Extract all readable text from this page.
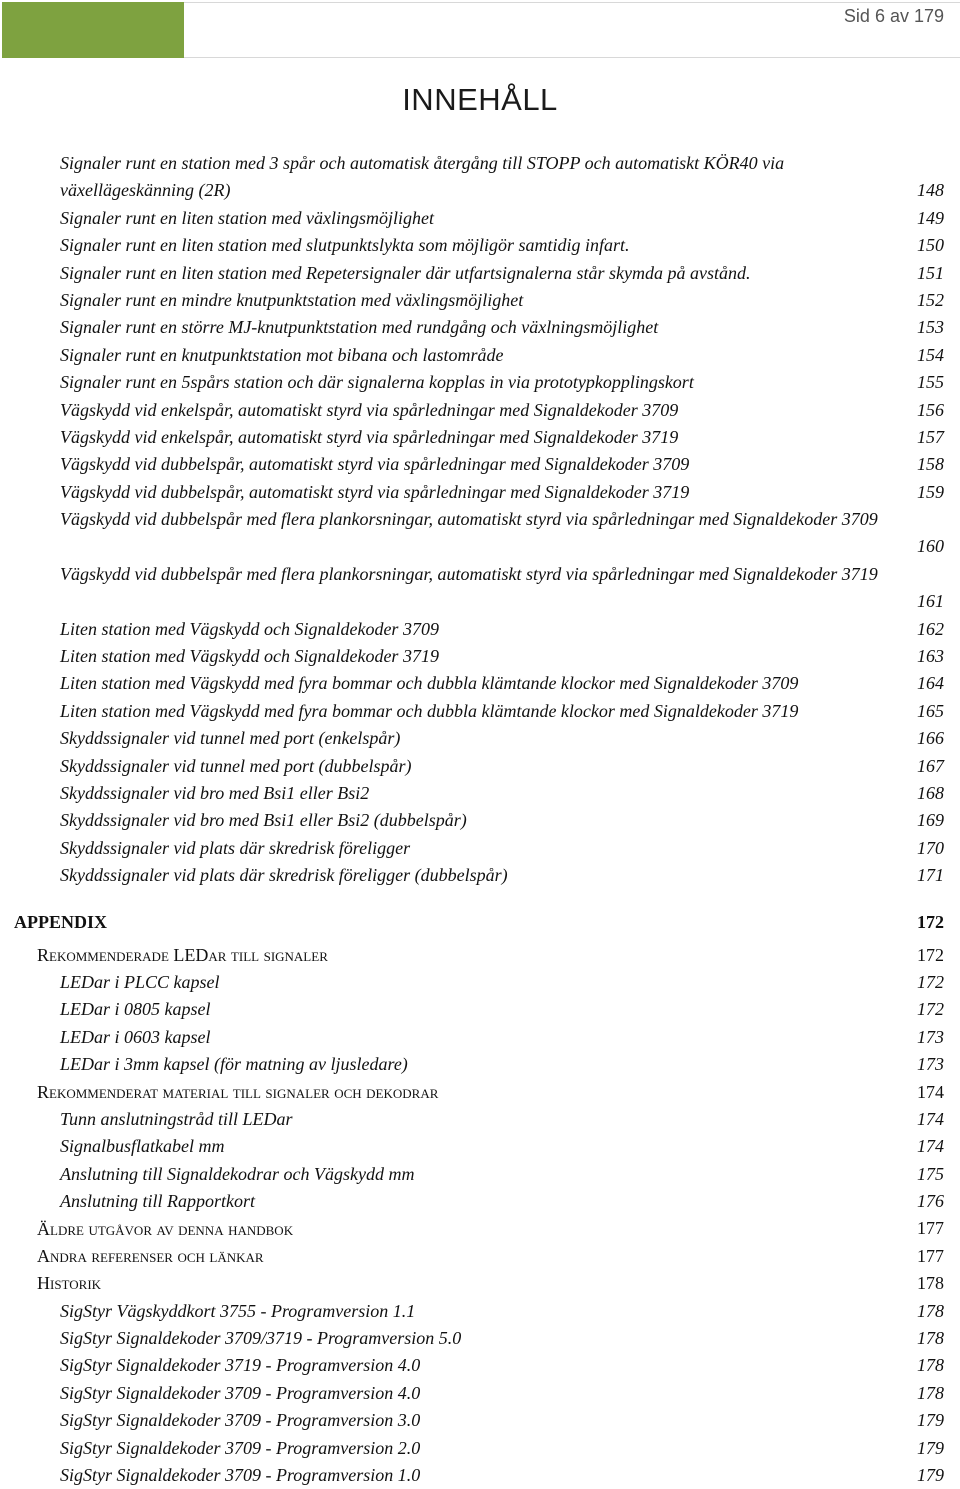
Sid 6 av 179
INNEHÅLL
Signaler runt en station med 3 spår och automatisk återgång till STOPP och automatiskt KÖR40 via växellägeskänning (2R)	148
Signaler runt en liten station med växlingsmöjlighet	149
Signaler runt en liten station med slutpunktslykta som möjligör samtidig infart.	150
Signaler runt en liten station med Repetersignaler där utfartsignalerna står skymda på avstånd.	151
Signaler runt en mindre knutpunktstation med växlingsmöjlighet	152
Signaler runt en större MJ-knutpunktstation med rundgång och växlningsmöjlighet	153
Signaler runt en knutpunktstation mot bibana och lastområde	154
Signaler runt en 5spårs station och där signalerna kopplas in via prototypkopplingskort	155
Vägskydd vid enkelspår, automatiskt styrd via spårledningar med Signaldekoder 3709	156
Vägskydd vid enkelspår, automatiskt styrd via spårledningar med Signaldekoder 3719	157
Vägskydd vid dubbelspår, automatiskt styrd via spårledningar med Signaldekoder 3709	158
Vägskydd vid dubbelspår, automatiskt styrd via spårledningar med Signaldekoder 3719	159
Vägskydd vid dubbelspår med flera plankorsningar, automatiskt styrd via spårledningar med Signaldekoder 3709
160
Vägskydd vid dubbelspår med flera plankorsningar, automatiskt styrd via spårledningar med Signaldekoder 3719
161
Liten station med Vägskydd och Signaldekoder 3709	162
Liten station med Vägskydd och Signaldekoder 3719	163
Liten station med Vägskydd med fyra bommar och dubbla klämtande klockor med Signaldekoder 3709	164
Liten station med Vägskydd med fyra bommar och dubbla klämtande klockor med Signaldekoder 3719	165
Skyddssignaler vid tunnel med port (enkelspår)	166
Skyddssignaler vid tunnel med port (dubbelspår)	167
Skyddssignaler vid bro med Bsi1 eller Bsi2	168
Skyddssignaler vid bro med Bsi1 eller Bsi2 (dubbelspår)	169
Skyddssignaler vid plats där skredrisk föreligger	170
Skyddssignaler vid plats där skredrisk föreligger (dubbelspår)	171
APPENDIX	172
Rekommenderade LEDar till signaler	172
LEDar i PLCC kapsel	172
LEDar i 0805 kapsel	172
LEDar i 0603 kapsel	173
LEDar i 3mm kapsel (för matning av ljusledare)	173
Rekommenderat material till signaler och dekodrar	174
Tunn anslutningstråd till LEDar	174
Signalbusflatkabel mm	174
Anslutning till Signaldekodrar och Vägskydd mm	175
Anslutning till Rapportkort	176
Äldre utgåvor av denna handbok	177
Andra referenser och länkar	177
Historik	178
SigStyr Vägskyddkort 3755 - Programversion 1.1	178
SigStyr Signaldekoder 3709/3719 - Programversion 5.0	178
SigStyr Signaldekoder 3719 - Programversion 4.0	178
SigStyr Signaldekoder 3709 - Programversion 4.0	178
SigStyr Signaldekoder 3709 - Programversion 3.0	179
SigStyr Signaldekoder 3709 - Programversion 2.0	179
SigStyr Signaldekoder 3709 - Programversion 1.0	179
